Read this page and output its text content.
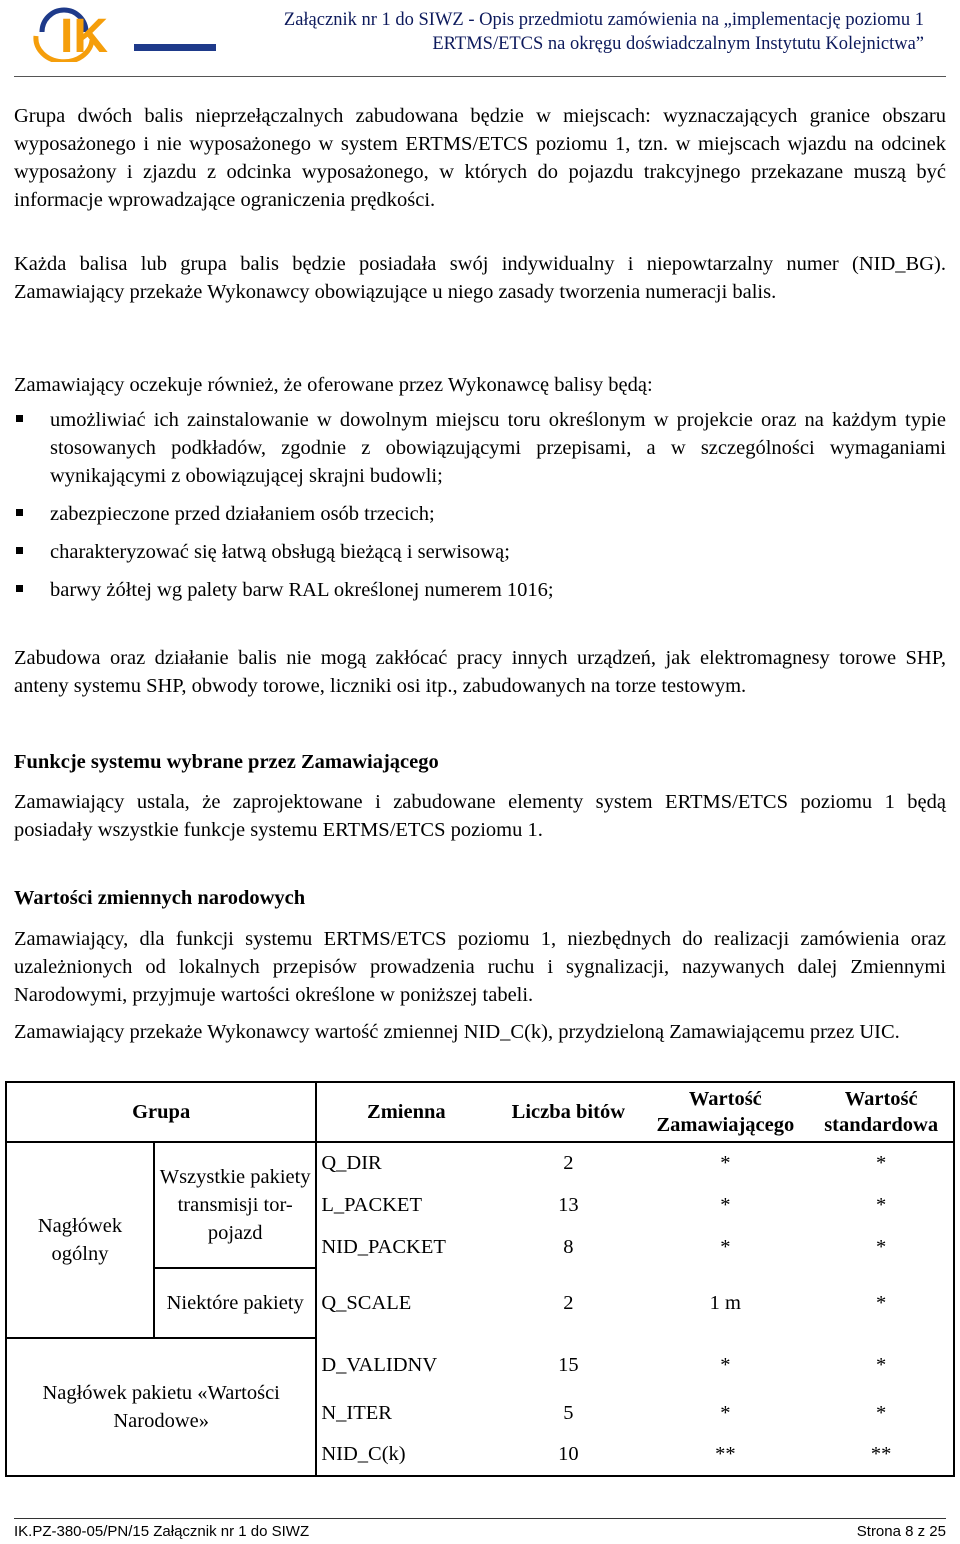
IK	Załącznik nr 1 do SIWZ - Opis przedmiotu zamówienia na „implementację poziomu 1
ERTMS/ETCS na okręgu doświadczalnym Instytutu Kolejnictwa”

Grupa dwóch balis nieprzełączalnych zabudowana będzie w miejscach: wyznaczających granice obszaru wyposażonego i nie wyposażonego w system ERTMS/ETCS poziomu 1, tzn. w miejscach wjazdu na odcinek wyposażony i zjazdu z odcinka wyposażonego, w których do pojazdu trakcyjnego przekazane muszą być informacje wprowadzające ograniczenia prędkości.

Każda balisa lub grupa balis będzie posiadała swój indywidualny i niepowtarzalny numer (NID_BG). Zamawiający przekaże Wykonawcy obowiązujące u niego zasady tworzenia numeracji balis.

Zamawiający oczekuje również, że oferowane przez Wykonawcę balisy będą:

umożliwiać ich zainstalowanie w dowolnym miejscu toru określonym w projekcie oraz na każdym typie stosowanych podkładów, zgodnie z obowiązującymi przepisami, a w szczególności wymaganiami wynikającymi z obowiązującej skrajni budowli;
zabezpieczone przed działaniem osób trzecich;
charakteryzować się łatwą obsługą bieżącą i serwisową;
barwy żółtej wg palety barw RAL określonej numerem 1016;

Zabudowa oraz działanie balis nie mogą zakłócać pracy innych urządzeń, jak elektromagnesy torowe SHP, anteny systemu SHP, obwody torowe, liczniki osi itp., zabudowanych na torze testowym.

Funkcje systemu wybrane przez Zamawiającego

Zamawiający ustala, że zaprojektowane i zabudowane elementy system ERTMS/ETCS poziomu 1 będą posiadały wszystkie funkcje systemu ERTMS/ETCS poziomu 1.

Wartości zmiennych narodowych

Zamawiający, dla funkcji systemu ERTMS/ETCS poziomu 1, niezbędnych do realizacji zamówienia oraz uzależnionych od lokalnych przepisów prowadzenia ruchu i sygnalizacji, nazywanych dalej Zmiennymi Narodowymi, przyjmuje wartości określone w poniższej tabeli.

Zamawiający przekaże Wykonawcy wartość zmiennej NID_C(k), przydzieloną Zamawiającemu przez UIC.

Grupa		Zmienna	Liczba bitów	Wartość Zamawiającego	Wartość standardowa
Nagłówek ogólny	Wszystkie pakiety transmisji tor-pojazd	Q_DIR	2	*	*
		L_PACKET	13	*	*
		NID_PACKET	8	*	*
	Niektóre pakiety	Q_SCALE	2	1 m	*
Nagłówek pakietu «Wartości Narodowe»		D_VALIDNV	15	*	*
		N_ITER	5	*	*
		NID_C(k)	10	**	**
IK.PZ-380-05/PN/15 Załącznik nr 1 do SIWZ	Strona 8 z 25
